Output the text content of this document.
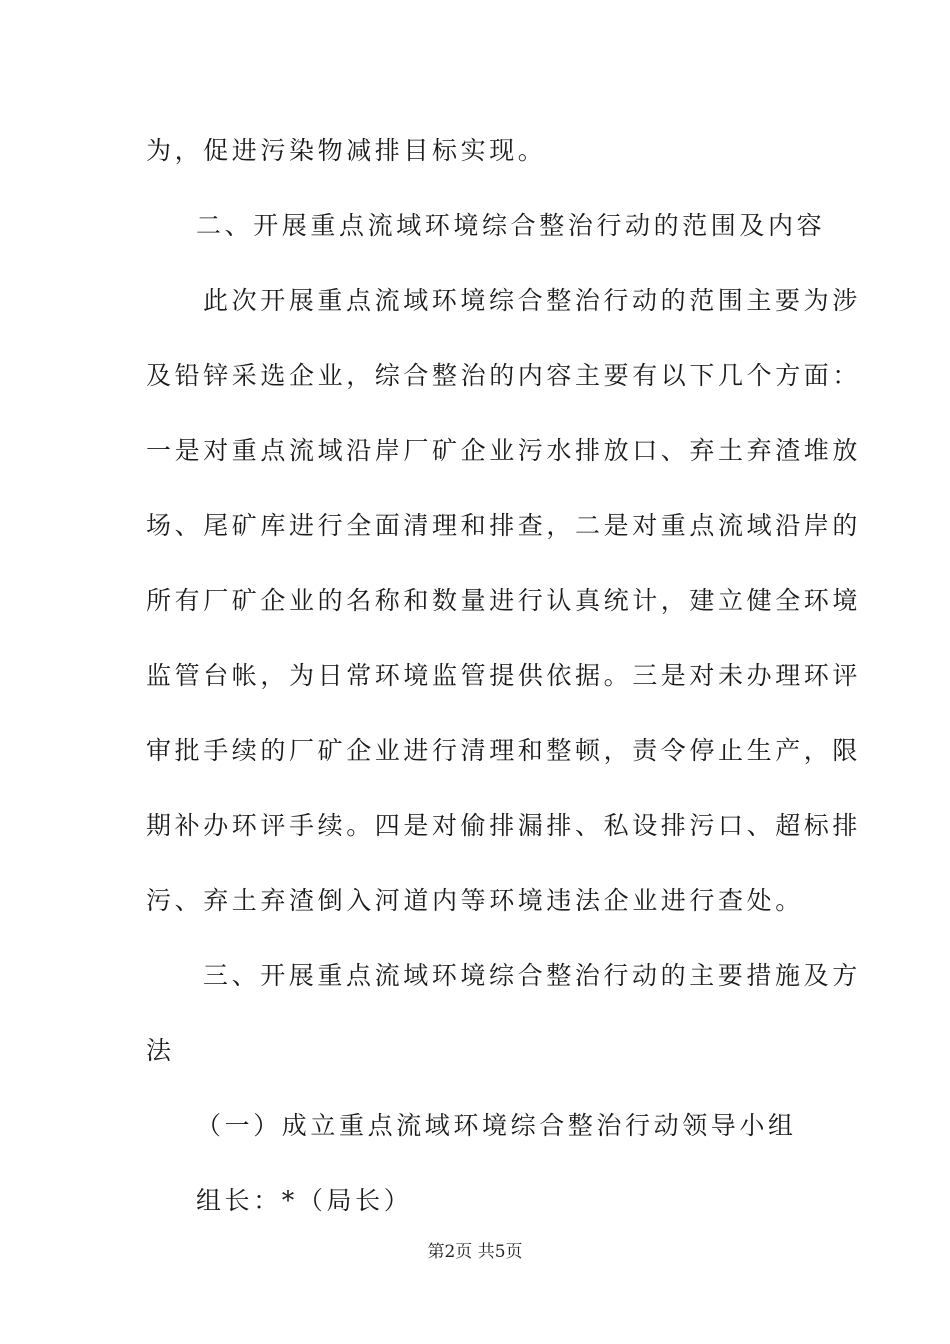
为，促进污染物减排目标实现。
二、开展重点流域环境综合整治行动的范围及内容
此次开展重点流域环境综合整治行动的范围主要为涉
及铅锌采选企业，综合整治的内容主要有以下几个方面：
一是对重点流域沿岸厂矿企业污水排放口、弃土弃渣堆放
场、尾矿库进行全面清理和排查，二是对重点流域沿岸的
所有厂矿企业的名称和数量进行认真统计，建立健全环境
监管台帐，为日常环境监管提供依据。三是对未办理环评
审批手续的厂矿企业进行清理和整顿，责令停止生产，限
期补办环评手续。四是对偷排漏排、私设排污口、超标排
污、弃土弃渣倒入河道内等环境违法企业进行查处。
三、开展重点流域环境综合整治行动的主要措施及方
法
（一）成立重点流域环境综合整治行动领导小组
组长：*（局长）
第2页 共5页
